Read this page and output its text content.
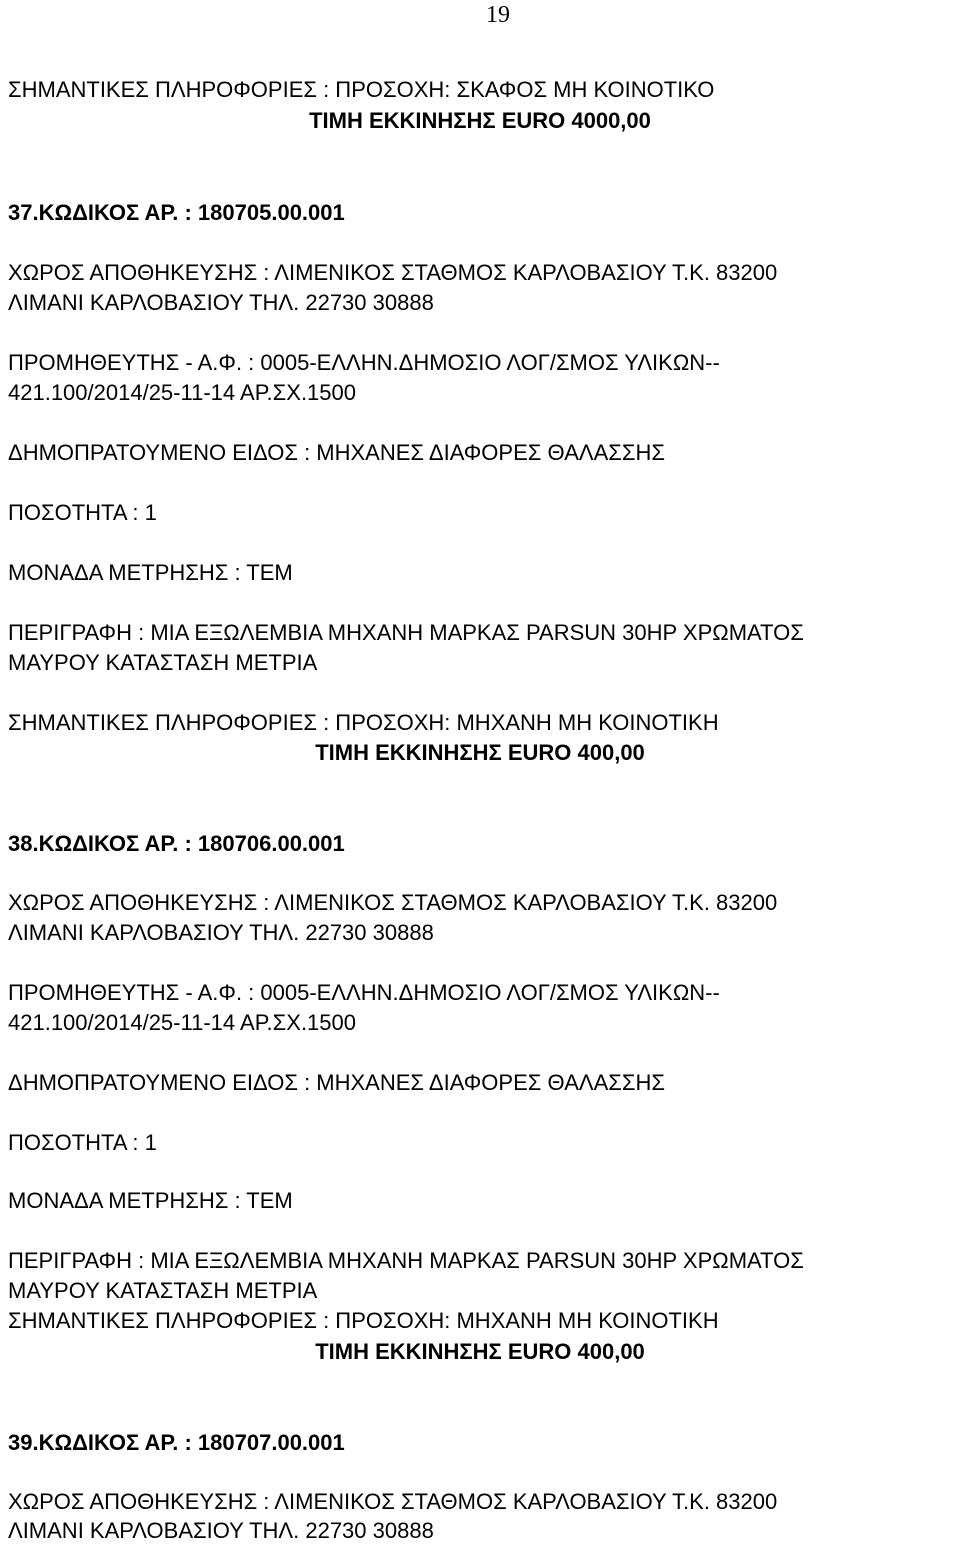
19
ΣΗΜΑΝΤΙΚΕΣ ΠΛΗΡΟΦΟΡΙΕΣ : ΠΡΟΣΟΧΗ: ΣΚΑΦΟΣ ΜΗ ΚΟΙΝΟΤΙΚΟ
ΤΙΜΗ ΕΚΚΙΝΗΣΗΣ EURO 4000,00
37.ΚΩΔΙΚΟΣ ΑΡ. : 180705.00.001
ΧΩΡΟΣ ΑΠΟΘΗΚΕΥΣΗΣ : ΛΙΜΕΝΙΚΟΣ ΣΤΑΘΜΟΣ ΚΑΡΛΟΒΑΣΙΟΥ Τ.Κ. 83200
ΛΙΜΑΝΙ ΚΑΡΛΟΒΑΣΙΟΥ ΤΗΛ. 22730 30888
ΠΡΟΜΗΘΕΥΤΗΣ - Α.Φ. : 0005-ΕΛΛΗΝ.ΔΗΜΟΣΙΟ ΛΟΓ/ΣΜΟΣ ΥΛΙΚΩΝ--
421.100/2014/25-11-14 ΑΡ.ΣΧ.1500
ΔΗΜΟΠΡΑΤΟΥΜΕΝΟ ΕΙΔΟΣ : ΜΗΧΑΝΕΣ ΔΙΑΦΟΡΕΣ ΘΑΛΑΣΣΗΣ
ΠΟΣΟΤΗΤΑ : 1
ΜΟΝΑΔΑ ΜΕΤΡΗΣΗΣ : ΤΕΜ
ΠΕΡΙΓΡΑΦΗ : ΜΙΑ ΕΞΩΛΕΜΒΙΑ ΜΗΧΑΝΗ ΜΑΡΚΑΣ PARSUN 30HP ΧΡΩΜΑΤΟΣ
ΜΑΥΡΟΥ ΚΑΤΑΣΤΑΣΗ ΜΕΤΡΙΑ
ΣΗΜΑΝΤΙΚΕΣ ΠΛΗΡΟΦΟΡΙΕΣ : ΠΡΟΣΟΧΗ: ΜΗΧΑΝΗ ΜΗ ΚΟΙΝΟΤΙΚΗ
ΤΙΜΗ ΕΚΚΙΝΗΣΗΣ EURO 400,00
38.ΚΩΔΙΚΟΣ ΑΡ. : 180706.00.001
ΧΩΡΟΣ ΑΠΟΘΗΚΕΥΣΗΣ : ΛΙΜΕΝΙΚΟΣ ΣΤΑΘΜΟΣ ΚΑΡΛΟΒΑΣΙΟΥ Τ.Κ. 83200
ΛΙΜΑΝΙ ΚΑΡΛΟΒΑΣΙΟΥ ΤΗΛ. 22730 30888
ΠΡΟΜΗΘΕΥΤΗΣ - Α.Φ. : 0005-ΕΛΛΗΝ.ΔΗΜΟΣΙΟ ΛΟΓ/ΣΜΟΣ ΥΛΙΚΩΝ--
421.100/2014/25-11-14 ΑΡ.ΣΧ.1500
ΔΗΜΟΠΡΑΤΟΥΜΕΝΟ ΕΙΔΟΣ : ΜΗΧΑΝΕΣ ΔΙΑΦΟΡΕΣ ΘΑΛΑΣΣΗΣ
ΠΟΣΟΤΗΤΑ : 1
ΜΟΝΑΔΑ ΜΕΤΡΗΣΗΣ : ΤΕΜ
ΠΕΡΙΓΡΑΦΗ : ΜΙΑ ΕΞΩΛΕΜΒΙΑ ΜΗΧΑΝΗ ΜΑΡΚΑΣ PARSUN 30HP ΧΡΩΜΑΤΟΣ
ΜΑΥΡΟΥ ΚΑΤΑΣΤΑΣΗ ΜΕΤΡΙΑ
ΣΗΜΑΝΤΙΚΕΣ ΠΛΗΡΟΦΟΡΙΕΣ : ΠΡΟΣΟΧΗ: ΜΗΧΑΝΗ ΜΗ ΚΟΙΝΟΤΙΚΗ
ΤΙΜΗ ΕΚΚΙΝΗΣΗΣ EURO 400,00
39.ΚΩΔΙΚΟΣ ΑΡ. : 180707.00.001
ΧΩΡΟΣ ΑΠΟΘΗΚΕΥΣΗΣ : ΛΙΜΕΝΙΚΟΣ ΣΤΑΘΜΟΣ ΚΑΡΛΟΒΑΣΙΟΥ Τ.Κ. 83200
ΛΙΜΑΝΙ ΚΑΡΛΟΒΑΣΙΟΥ ΤΗΛ. 22730 30888
